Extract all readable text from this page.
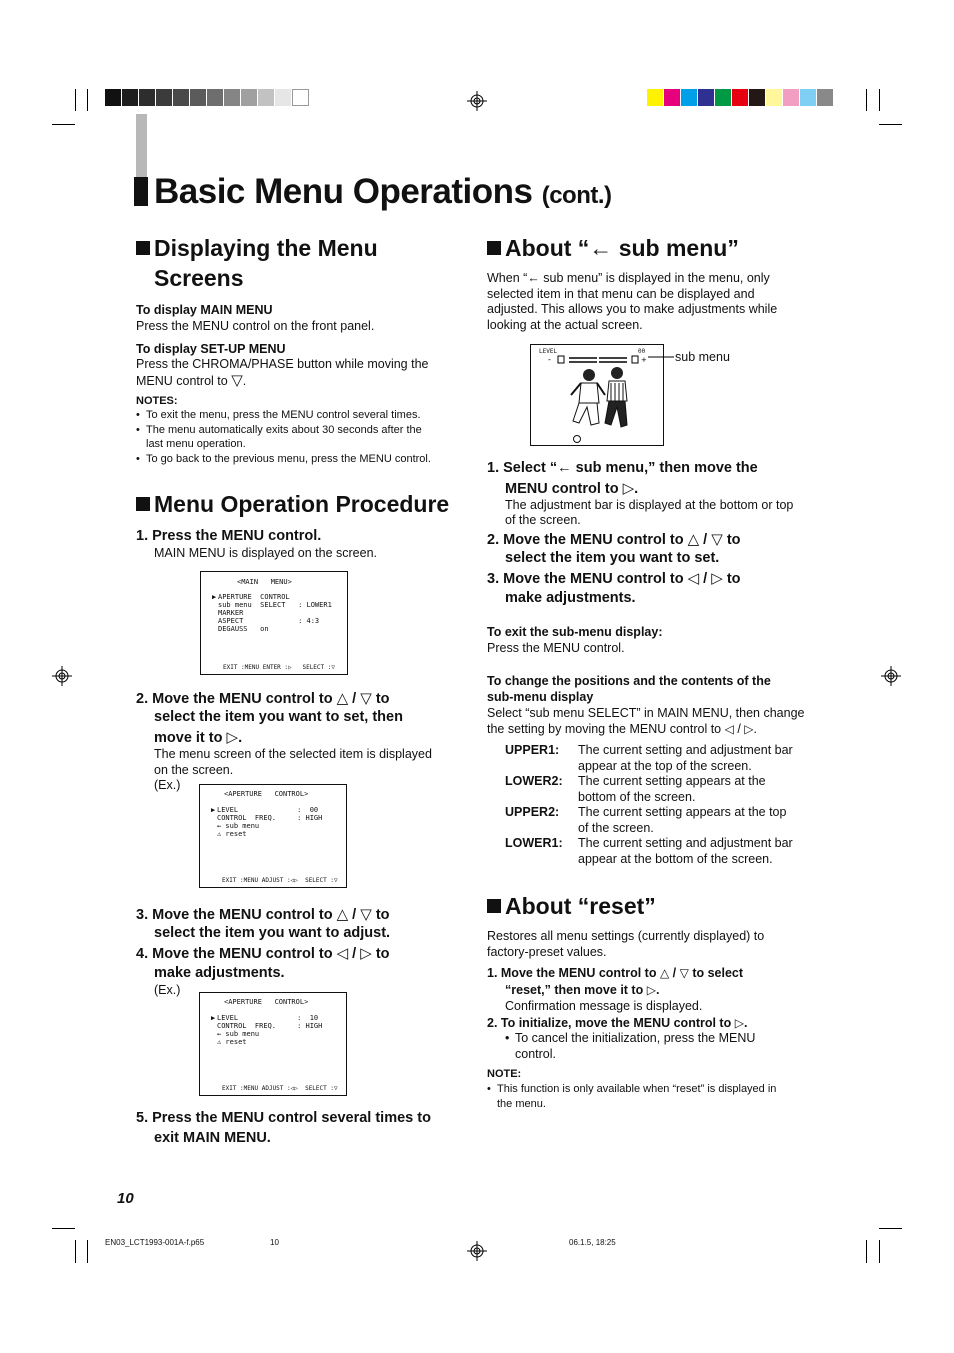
Basic Menu Operations (cont.)
Displaying the Menu
Screens
To display MAIN MENU
Press the MENU control on the front panel.
To display SET-UP MENU
Press the CHROMA/PHASE button while moving the
MENU control to ▽.
NOTES:
• To exit the menu, press the MENU control several times.
• The menu automatically exits about 30 seconds after the
last menu operation.
• To go back to the previous menu, press the MENU control.
Menu Operation Procedure
1. Press the MENU control.
MAIN MENU is displayed on the screen.
<MAIN   MENU>
▶ APERTURE  CONTROL
sub menu  SELECT   : LOWER1
MARKER
ASPECT             : 4:3
DEGAUSS   on
EXIT :MENU ENTER :▷   SELECT :▽
2. Move the MENU control to △ / ▽ to
select the item you want to set, then
move it to ▷.
The menu screen of the selected item is displayed
on the screen.
(Ex.)
<APERTURE   CONTROL>
▶ LEVEL              :  00
CONTROL  FREQ.     : HIGH
← sub menu
⚠ reset
EXIT :MENU ADJUST :◁▷  SELECT :▽
3. Move the MENU control to △ / ▽ to
select the item you want to adjust.
4. Move the MENU control to ◁ / ▷ to
make adjustments.
(Ex.)
<APERTURE   CONTROL>
▶ LEVEL              :  10
CONTROL  FREQ.     : HIGH
← sub menu
⚠ reset
EXIT :MENU ADJUST :◁▷  SELECT :▽
5. Press the MENU control several times to
exit MAIN MENU.
About “← sub menu”
When “← sub menu” is displayed in the menu, only
selected item in that menu can be displayed and
adjusted. This allows you to make adjustments while
looking at the actual screen.
LEVEL	00
-	+ sub menu
1. Select “← sub menu,” then move the
MENU control to ▷.
The adjustment bar is displayed at the bottom or top
of the screen.
2. Move the MENU control to △ / ▽ to
select the item you want to set.
3. Move the MENU control to ◁ / ▷ to
make adjustments.
To exit the sub-menu display:
Press the MENU control.
To change the positions and the contents of the
sub-menu display
Select “sub menu SELECT” in MAIN MENU, then change
the setting by moving the MENU control to ◁ / ▷.
UPPER1:	The current setting and adjustment bar
appear at the top of the screen.
LOWER2:	The current setting appears at the
bottom of the screen.
UPPER2:	The current setting appears at the top
of the screen.
LOWER1:	The current setting and adjustment bar
appear at the bottom of the screen.
About “reset”
Restores all menu settings (currently displayed) to
factory-preset values.
1. Move the MENU control to △ / ▽ to select
“reset,” then move it to ▷.
Confirmation message is displayed.
2. To initialize, move the MENU control to ▷.
• To cancel the initialization, press the MENU
control.
NOTE:
• This function is only available when “reset” is displayed in
the menu.
10
EN03_LCT1993-001A-f.p65	10	06.1.5, 18:25
